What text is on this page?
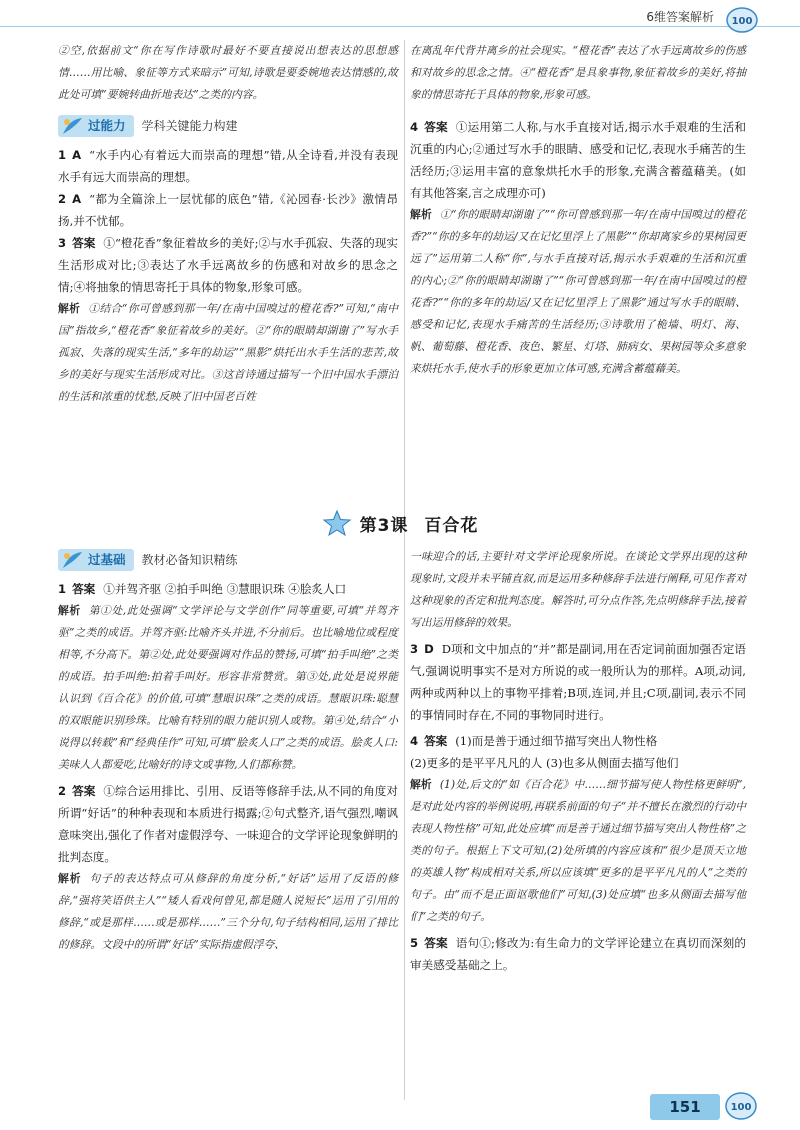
6维答案解析 100

②空,依据前文“你在写作诗歌时最好不要直接说出想表达的思想感情……用比喻、象征等方式来暗示”可知,诗歌是要委婉地表达情感的,故此处可填“要婉转曲折地表达”之类的内容。

过能力 学科关键能力构建

1 A “水手内心有着远大而崇高的理想”错,从全诗看,并没有表现水手有远大而崇高的理想。

2 A “都为全篇涂上一层忧郁的底色”错,《沁园春·长沙》激情昂扬,并不忧郁。

3 答案 ①“橙花香”象征着故乡的美好;②与水手孤寂、失落的现实生活形成对比;③表达了水手远离故乡的伤感和对故乡的思念之情;④将抽象的情思寄托于具体的物象,形象可感。

解析 ①结合“你可曾感到那一年/在南中国嗅过的橙花香?”可知,“南中国”指故乡,“橙花香”象征着故乡的美好。②“你的眼睛却湖谢了”写水手孤寂、失落的现实生活,“多年的劫运”“黑影”烘托出水手生活的悲苦,故乡的美好与现实生活形成对比。③这首诗通过描写一个旧中国水手漂泊的生活和浓重的忧愁,反映了旧中国老百姓

在离乱年代背井离乡的社会现实。“橙花香”表达了水手远离故乡的伤感和对故乡的思念之情。④“橙花香”是具象事物,象征着故乡的美好,将抽象的情思寄托于具体的物象,形象可感。

4 答案 ①运用第二人称,与水手直接对话,揭示水手艰难的生活和沉重的内心;②通过写水手的眼睛、感受和记忆,表现水手痛苦的生活经历;③运用丰富的意象烘托水手的形象,充满含蓄蕴藉美。(如有其他答案,言之成理亦可)

解析 ①“你的眼睛却湖谢了”“你可曾感到那一年/在南中国嗅过的橙花香?”“你的多年的劫运/又在记忆里浮上了黑影”“你却离家乡的果树园更远了”运用第二人称“你”,与水手直接对话,揭示水手艰难的生活和沉重的内心;②“你的眼睛却湖谢了”“你可曾感到那一年/在南中国嗅过的橙花香?”“你的多年的劫运/又在记忆里浮上了黑影”通过写水手的眼睛、感受和记忆,表现水手痛苦的生活经历;③诗歌用了桅墙、明灯、海、帆、葡萄藤、橙花香、夜色、繁星、灯塔、肺病女、果树园等众多意象来烘托水手,使水手的形象更加立体可感,充满含蓄蕴藉美。

第3课 百合花
过基础 教材必备知识精练

1 答案 ①并驾齐驱 ②拍手叫绝 ③慧眼识珠 ④脍炙人口

解析 第①处,此处强调“文学评论与文学创作”同等重要,可填“并驾齐驱”之类的成语。并驾齐驱:比喻齐头并进,不分前后。也比喻地位或程度相等,不分高下。第②处,此处要强调对作品的赞扬,可填“拍手叫绝”之类的成语。拍手叫绝:拍着手叫好。形容非常赞赏。第③处,此处是说界能认识到《百合花》的价值,可填“慧眼识珠”之类的成语。慧眼识珠:聪慧的双眼能识别珍珠。比喻有特别的眼力能识别人或物。第④处,结合“小说得以转载”和“经典佳作”可知,可填“脍炙人口”之类的成语。脍炙人口:美味人人都爱吃,比喻好的诗文或事物,人们都称赞。

2 答案 ①综合运用排比、引用、反语等修辞手法,从不同的角度对所谓“好话”的种种表现和本质进行揭露;②句式整齐,语气强烈,嘲讽意味突出,强化了作者对虚假浮夸、一味迎合的文学评论现象鲜明的批判态度。

解析 句子的表达特点可从修辞的角度分析,“好话”运用了反语的修辞,“强将笑语供主人”“矮人看戏何曾见,都是随人说短长”运用了引用的修辞,“或是那样……或是那样……”三个分句,句子结构相同,运用了排比的修辞。文段中的所谓“好话”实际指虚假浮夸、

一味迎合的话,主要针对文学评论现象所说。在谈论文学界出现的这种现象时,文段并未平铺直叙,而是运用多种修辞手法进行阐释,可见作者对这种现象的否定和批判态度。解答时,可分点作答,先点明修辞手法,接着写出运用修辞的效果。

3 D D项和文中加点的“并”都是副词,用在否定词前面加强否定语气,强调说明事实不是对方所说的或一般所认为的那样。A项,动词,两种或两种以上的事物平排着;B项,连词,并且;C项,副词,表示不同的事情同时存在,不同的事物同时进行。

4 答案 (1)而是善于通过细节描写突出人物性格

(2)更多的是平平凡凡的人 (3)也多从侧面去描写他们

解析 (1)处,后文的“如《百合花》中……细节描写使人物性格更鲜明”,是对此处内容的举例说明,再联系前面的句子“并不擅长在激烈的行动中表现人物性格”可知,此处应填“而是善于通过细节描写突出人物性格”之类的句子。根据上下文可知,(2)处所填的内容应该和“很少是顶天立地的英雄人物”构成相对关系,所以应该填“更多的是平平凡凡的人”之类的句子。由“而不是正面讴歌他们”可知,(3)处应填“也多从侧面去描写他们”之类的句子。

5 答案 语句①;修改为:有生命力的文学评论建立在真切而深刻的审美感受基础之上。

151	100
